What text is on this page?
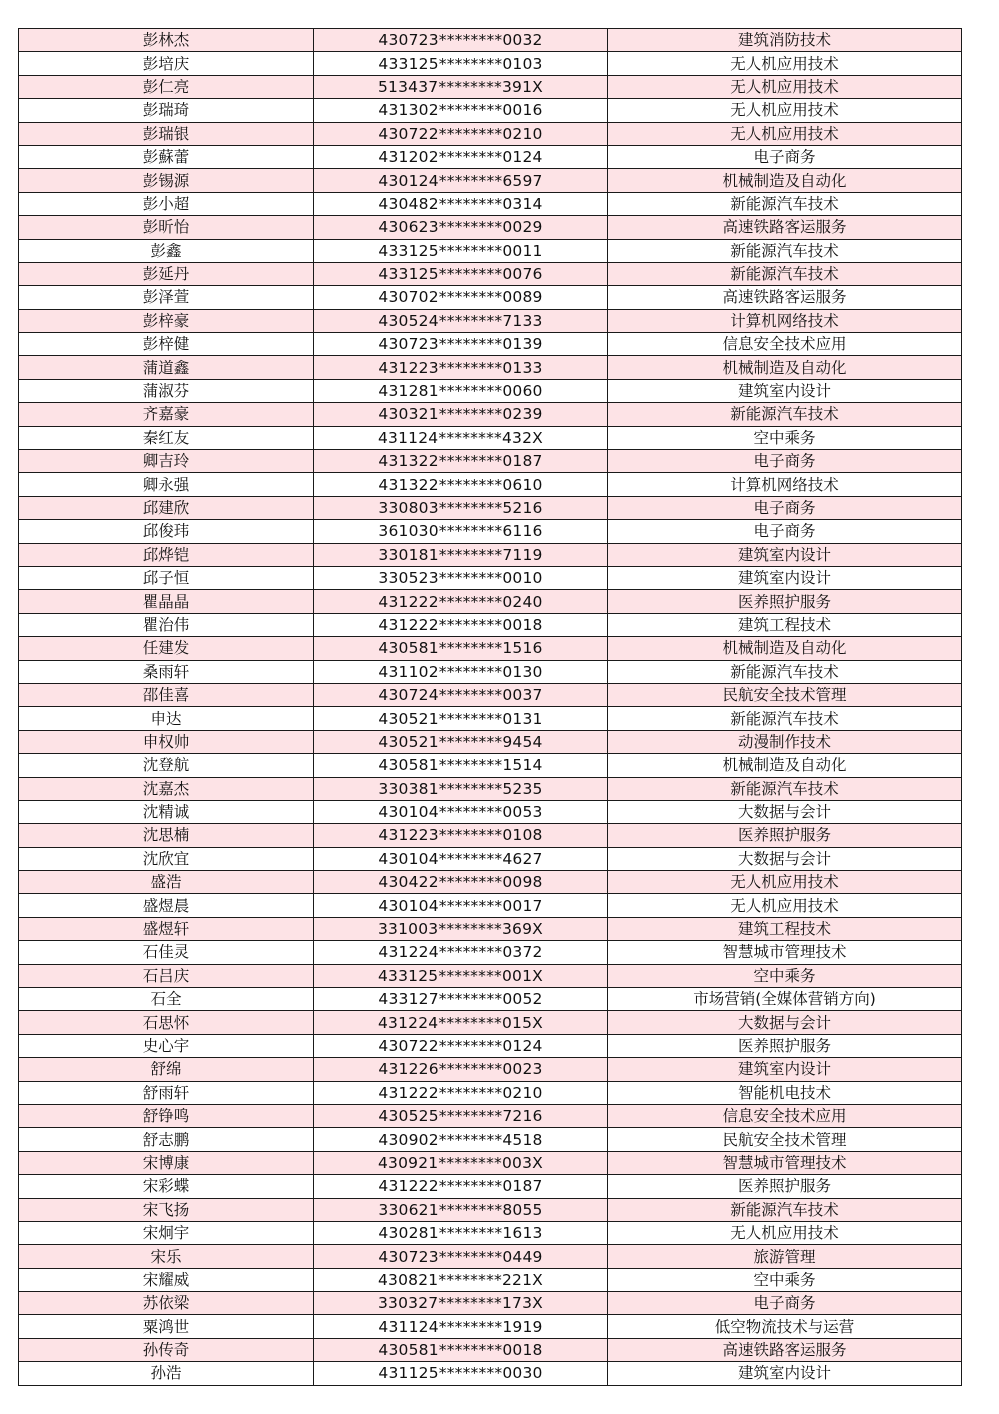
彭林杰	430723********0032	建筑消防技术
彭培庆	433125********0103	无人机应用技术
彭仁亮	513437********391X	无人机应用技术
彭瑞琦	431302********0016	无人机应用技术
彭瑞银	430722********0210	无人机应用技术
彭蘇蕾	431202********0124	电子商务
彭锡源	430124********6597	机械制造及自动化
彭小超	430482********0314	新能源汽车技术
彭昕怡	430623********0029	高速铁路客运服务
彭鑫	433125********0011	新能源汽车技术
彭延丹	433125********0076	新能源汽车技术
彭泽萱	430702********0089	高速铁路客运服务
彭梓豪	430524********7133	计算机网络技术
彭梓健	430723********0139	信息安全技术应用
蒲道鑫	431223********0133	机械制造及自动化
蒲淑芬	431281********0060	建筑室内设计
齐嘉豪	430321********0239	新能源汽车技术
秦红友	431124********432X	空中乘务
卿吉玲	431322********0187	电子商务
卿永强	431322********0610	计算机网络技术
邱建欣	330803********5216	电子商务
邱俊玮	361030********6116	电子商务
邱烨铠	330181********7119	建筑室内设计
邱子恒	330523********0010	建筑室内设计
瞿晶晶	431222********0240	医养照护服务
瞿治伟	431222********0018	建筑工程技术
任建发	430581********1516	机械制造及自动化
桑雨轩	431102********0130	新能源汽车技术
邵佳喜	430724********0037	民航安全技术管理
申达	430521********0131	新能源汽车技术
申权帅	430521********9454	动漫制作技术
沈登航	430581********1514	机械制造及自动化
沈嘉杰	330381********5235	新能源汽车技术
沈精诚	430104********0053	大数据与会计
沈思楠	431223********0108	医养照护服务
沈欣宜	430104********4627	大数据与会计
盛浩	430422********0098	无人机应用技术
盛煜晨	430104********0017	无人机应用技术
盛煜轩	331003********369X	建筑工程技术
石佳灵	431224********0372	智慧城市管理技术
石吕庆	433125********001X	空中乘务
石全	433127********0052	市场营销(全媒体营销方向)
石思怀	431224********015X	大数据与会计
史心宇	430722********0124	医养照护服务
舒绵	431226********0023	建筑室内设计
舒雨轩	431222********0210	智能机电技术
舒铮鸣	430525********7216	信息安全技术应用
舒志鹏	430902********4518	民航安全技术管理
宋博康	430921********003X	智慧城市管理技术
宋彩蝶	431222********0187	医养照护服务
宋飞扬	330621********8055	新能源汽车技术
宋炯宇	430281********1613	无人机应用技术
宋乐	430723********0449	旅游管理
宋耀威	430821********221X	空中乘务
苏依梁	330327********173X	电子商务
粟鸿世	431124********1919	低空物流技术与运营
孙传奇	430581********0018	高速铁路客运服务
孙浩	431125********0030	建筑室内设计
